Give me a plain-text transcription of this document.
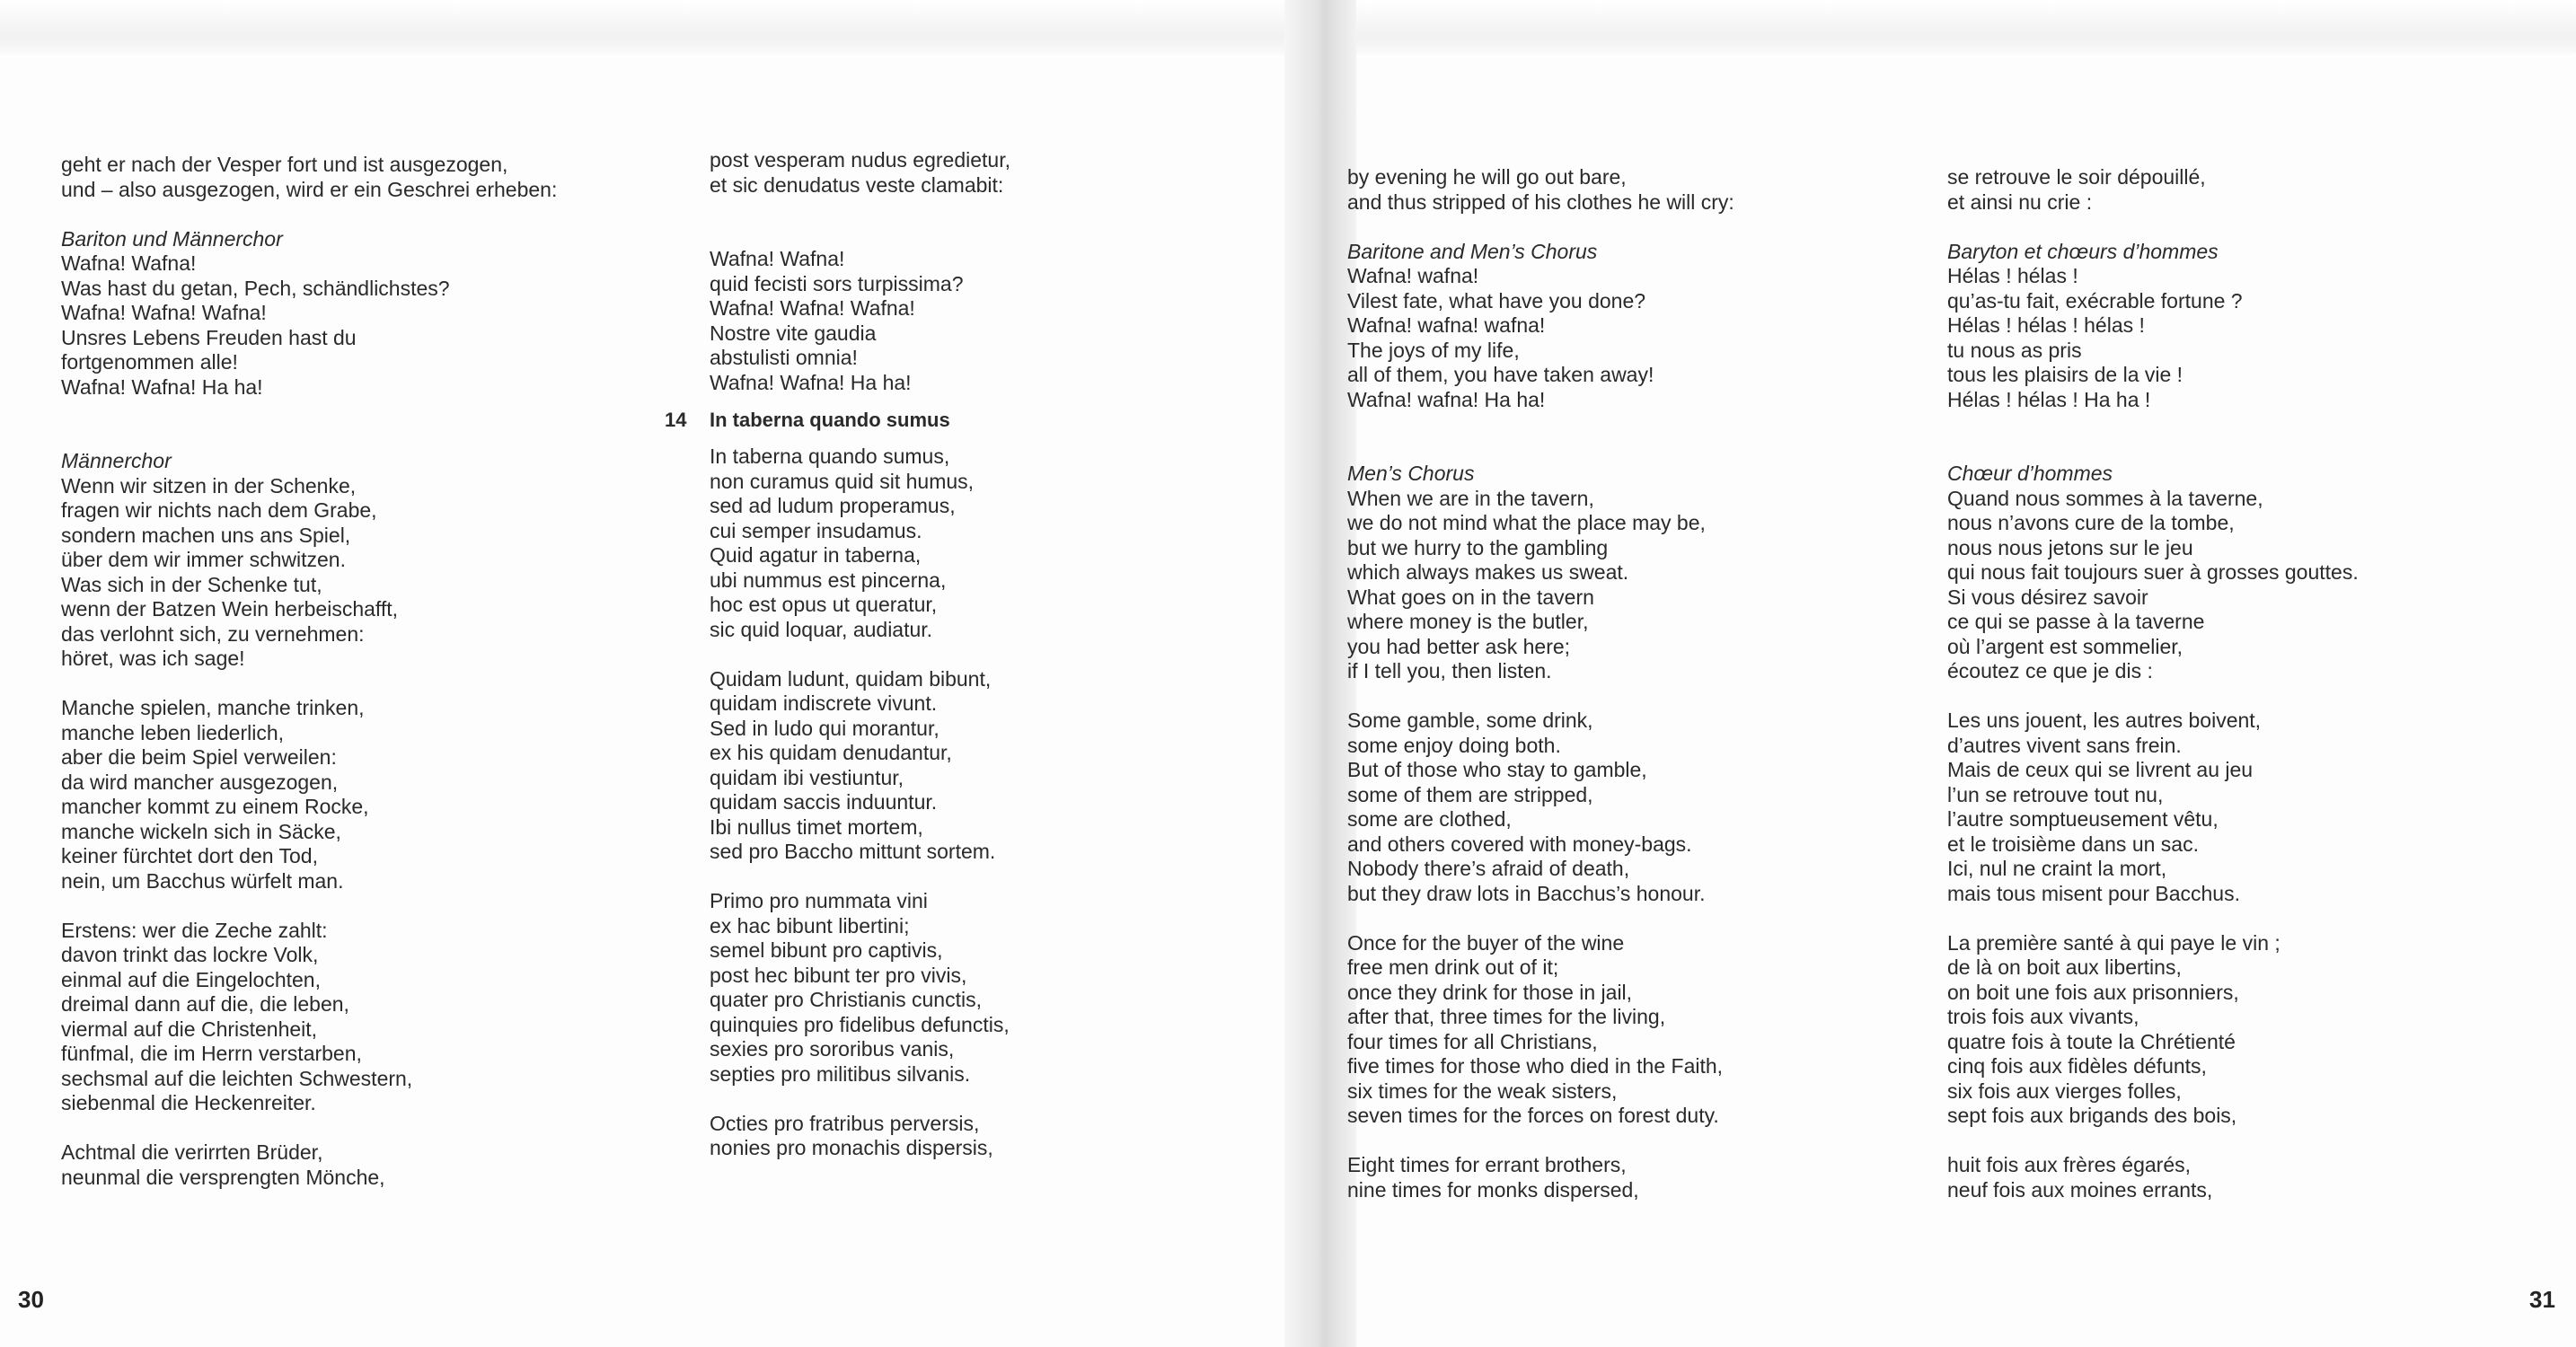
geht er nach der Vesper fort und ist ausgezogen,
und – also ausgezogen, wird er ein Geschrei erheben:
Bariton und Männerchor
Wafna! Wafna!
Was hast du getan, Pech, schändlichstes?
Wafna! Wafna! Wafna!
Unsres Lebens Freuden hast du
fortgenommen alle!
Wafna! Wafna! Ha ha!
Männerchor
Wenn wir sitzen in der Schenke,
fragen wir nichts nach dem Grabe,
sondern machen uns ans Spiel,
über dem wir immer schwitzen.
Was sich in der Schenke tut,
wenn der Batzen Wein herbeischafft,
das verlohnt sich, zu vernehmen:
höret, was ich sage!
Manche spielen, manche trinken,
manche leben liederlich,
aber die beim Spiel verweilen:
da wird mancher ausgezogen,
mancher kommt zu einem Rocke,
manche wickeln sich in Säcke,
keiner fürchtet dort den Tod,
nein, um Bacchus würfelt man.
Erstens: wer die Zeche zahlt:
davon trinkt das lockre Volk,
einmal auf die Eingelochten,
dreimal dann auf die, die leben,
viermal auf die Christenheit,
fünfmal, die im Herrn verstarben,
sechsmal auf die leichten Schwestern,
siebenmal die Heckenreiter.
Achtmal die verirrten Brüder,
neunmal die versprengten Mönche,
post vesperam nudus egredietur,
et sic denudatus veste clamabit:
Wafna! Wafna!
quid fecisti sors turpissima?
Wafna! Wafna! Wafna!
Nostre vite gaudia
abstulisti omnia!
Wafna! Wafna! Ha ha!
14 In taberna quando sumus
In taberna quando sumus,
non curamus quid sit humus,
sed ad ludum properamus,
cui semper insudamus.
Quid agatur in taberna,
ubi nummus est pincerna,
hoc est opus ut queratur,
sic quid loquar, audiatur.
Quidam ludunt, quidam bibunt,
quidam indiscrete vivunt.
Sed in ludo qui morantur,
ex his quidam denudantur,
quidam ibi vestiuntur,
quidam saccis induuntur.
Ibi nullus timet mortem,
sed pro Baccho mittunt sortem.
Primo pro nummata vini
ex hac bibunt libertini;
semel bibunt pro captivis,
post hec bibunt ter pro vivis,
quater pro Christianis cunctis,
quinquies pro fidelibus defunctis,
sexies pro sororibus vanis,
septies pro militibus silvanis.
Octies pro fratribus perversis,
nonies pro monachis dispersis,
by evening he will go out bare,
and thus stripped of his clothes he will cry:
Baritone and Men’s Chorus
Wafna! wafna!
Vilest fate, what have you done?
Wafna! wafna! wafna!
The joys of my life,
all of them, you have taken away!
Wafna! wafna! Ha ha!
Men’s Chorus
When we are in the tavern,
we do not mind what the place may be,
but we hurry to the gambling
which always makes us sweat.
What goes on in the tavern
where money is the butler,
you had better ask here;
if I tell you, then listen.
Some gamble, some drink,
some enjoy doing both.
But of those who stay to gamble,
some of them are stripped,
some are clothed,
and others covered with money-bags.
Nobody there’s afraid of death,
but they draw lots in Bacchus’s honour.
Once for the buyer of the wine
free men drink out of it;
once they drink for those in jail,
after that, three times for the living,
four times for all Christians,
five times for those who died in the Faith,
six times for the weak sisters,
seven times for the forces on forest duty.
Eight times for errant brothers,
nine times for monks dispersed,
se retrouve le soir dépouillé,
et ainsi nu crie :
Baryton et chœurs d’hommes
Hélas ! hélas !
qu’as-tu fait, exécrable fortune ?
Hélas ! hélas ! hélas !
tu nous as pris
tous les plaisirs de la vie !
Hélas ! hélas ! Ha ha !
Chœur d’hommes
Quand nous sommes à la taverne,
nous n’avons cure de la tombe,
nous nous jetons sur le jeu
qui nous fait toujours suer à grosses gouttes.
Si vous désirez savoir
ce qui se passe à la taverne
où l’argent est sommelier,
écoutez ce que je dis :
Les uns jouent, les autres boivent,
d’autres vivent sans frein.
Mais de ceux qui se livrent au jeu
l’un se retrouve tout nu,
l’autre somptueusement vêtu,
et le troisième dans un sac.
Ici, nul ne craint la mort,
mais tous misent pour Bacchus.
La première santé à qui paye le vin ;
de là on boit aux libertins,
on boit une fois aux prisonniers,
trois fois aux vivants,
quatre fois à toute la Chrétienté
cinq fois aux fidèles défunts,
six fois aux vierges folles,
sept fois aux brigands des bois,
huit fois aux frères égarés,
neuf fois aux moines errants,
30	31
